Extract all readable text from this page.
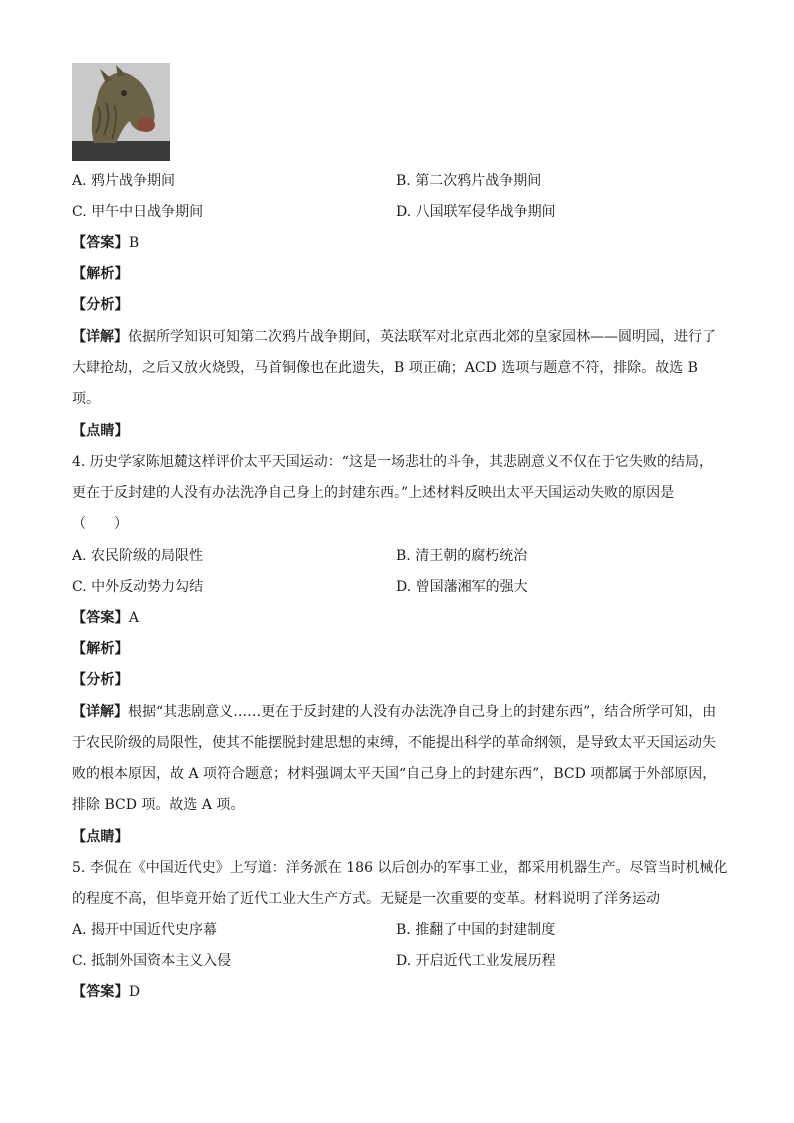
A. 鸦片战争期间	B. 第二次鸦片战争期间
C. 甲午中日战争期间	D. 八国联军侵华战争期间
【答案】B
【解析】
【分析】

【详解】依据所学知识可知第二次鸦片战争期间，英法联军对北京西北郊的皇家园林——圆明园，进行了

大肆抢劫，之后又放火烧毁，马首铜像也在此遗失，B 项正确；ACD 选项与题意不符，排除。故选 B

项。

【点睛】

4. 历史学家陈旭麓这样评价太平天国运动：“这是一场悲壮的斗争，其悲剧意义不仅在于它失败的结局，

更在于反封建的人没有办法洗净自己身上的封建东西。”上述材料反映出太平天国运动失败的原因是

（　　）

A. 农民阶级的局限性	B. 清王朝的腐朽统治
C. 中外反动势力勾结	D. 曾国藩湘军的强大
【答案】A
【解析】
【分析】

【详解】根据“其悲剧意义……更在于反封建的人没有办法洗净自己身上的封建东西”，结合所学可知，由

于农民阶级的局限性，使其不能摆脱封建思想的束缚，不能提出科学的革命纲领，是导致太平天国运动失

败的根本原因，故 A 项符合题意；材料强调太平天国“自己身上的封建东西”，BCD 项都属于外部原因，

排除 BCD 项。故选 A 项。

【点睛】

5. 李侃在《中国近代史》上写道：洋务派在 186 以后创办的军事工业，都采用机器生产。尽管当时机械化

的程度不高，但毕竟开始了近代工业大生产方式。无疑是一次重要的变革。材料说明了洋务运动

A. 揭开中国近代史序幕	B. 推翻了中国的封建制度
C. 抵制外国资本主义入侵	D. 开启近代工业发展历程
【答案】D
